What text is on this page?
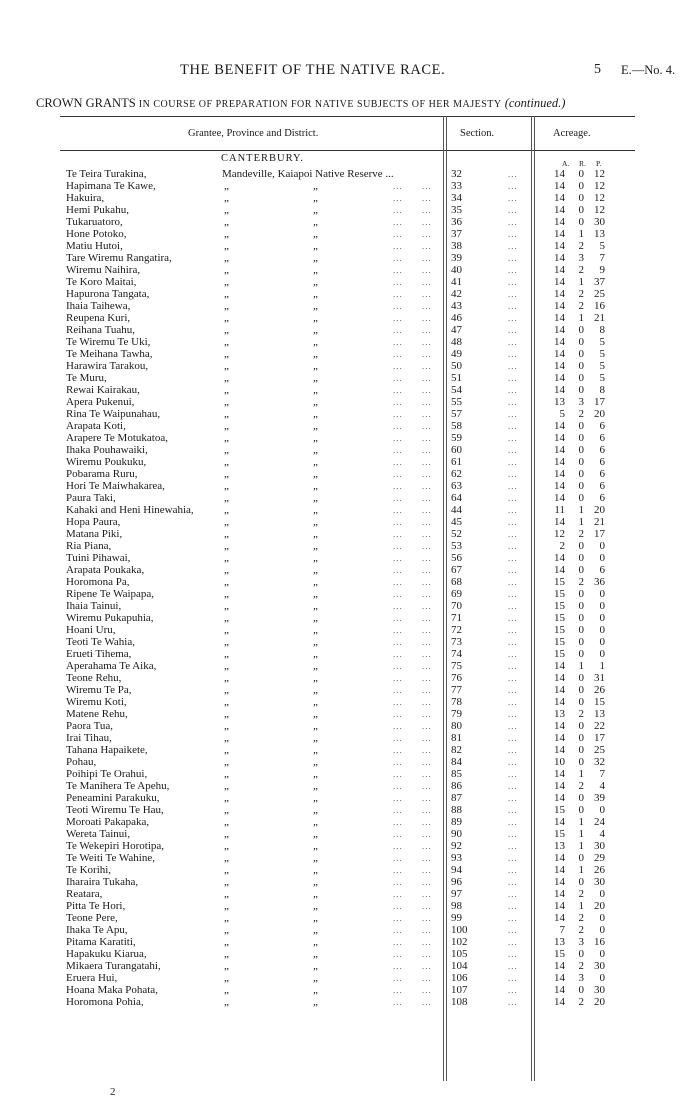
THE BENEFIT OF THE NATIVE RACE.	5 E.—No. 4.
CROWN GRANTS IN COURSE OF PREPARATION FOR NATIVE SUBJECTS OF HER MAJESTY (continued.)
Grantee, Province and District.	Section.	Acreage.
CANTERBURY.	A. R. P.
Te Teira Turakina,	Mandeville, Kaiapoi Native Reserve ...	32	...	14	0 12
Hapimana Te Kawe,	„	„	... ... 33	...	14	0 12
Hakuira,	„	„	... ... 34	...	14	0 12
Hemi Pukahu,	„	„	... ... 35	...	14	0 12
Tukaruatoro,	„	„	... ... 36	...	14	0 30
Hone Potoko,	„	„	... ... 37	...	14	1 13
Matiu Hutoi,	„	„	... ... 38	...	14	2	5
Tare Wiremu Rangatira,	„	„	... ... 39	...	14	3	7
Wiremu Naihira,	„	„	... ... 40	...	14	2	9
Te Koro Maitai,	„	„	... ... 41	...	14	1 37
Hapurona Tangata,	„	„	... ... 42	...	14	2 25
Ihaia Taihewa,	„	„	... ... 43	...	14	2 16
Reupena Kuri,	„	„	... ... 46	...	14	1 21
Reihana Tuahu,	„	„	... ... 47	...	14	0	8
Te Wiremu Te Uki,	„	„	... ... 48	...	14	0	5
Te Meihana Tawha,	„	„	... ... 49	...	14	0	5
Harawira Tarakou,	„	„	... ... 50	...	14	0	5
Te Muru,	„	„	... ... 51	...	14	0	5
Rewai Kairakau,	„	„	... ... 54	...	14	0	8
Apera Pukenui,	„	„	... ... 55	...	13	3 17
Rina Te Waipunahau,	„	„	... ... 57	...	5	2 20
Arapata Koti,	„	„	... ... 58	...	14	0	6
Arapere Te Motukatoa,	„	„	... ... 59	...	14	0	6
Ihaka Pouhawaiki,	„	„	... ... 60	...	14	0	6
Wiremu Poukuku,	„	„	... ... 61	...	14	0	6
Pobarama Ruru,	„	„	... ... 62	...	14	0	6
Hori Te Maiwhakarea,	„	„	... ... 63	...	14	0	6
Paura Taki,	„	„	... ... 64	...	14	0	6
Kahaki and Heni Hinewahia,	„	„	... ... 44	...	11	1 20
Hopa Paura,	„	„	... ... 45	...	14	1 21
Matana Piki,	„	„	... ... 52	...	12	2 17
Ria Piana,	„	„	... ... 53	...	2	0	0
Tuini Pihawai,	„	„	... ... 56	...	14	0	0
Arapata Poukaka,	„	„	... ... 67	...	14	0	6
Horomona Pa,	„	„	... ... 68	...	15	2 36
Ripene Te Waipapa,	„	„	... ... 69	...	15	0	0
Ihaia Tainui,	„	„	... ... 70	...	15	0	0
Wiremu Pukapuhia,	„	„	... ... 71	...	15	0	0
Hoani Uru,	„	„	... ... 72	...	15	0	0
Teoti Te Wahia,	„	„	... ... 73	...	15	0	0
Erueti Tihema,	„	„	... ... 74	...	15	0	0
Aperahama Te Aika,	„	„	... ... 75	...	14	1	1
Teone Rehu,	„	„	... ... 76	...	14	0 31
Wiremu Te Pa,	„	„	... ... 77	...	14	0 26
Wiremu Koti,	„	„	... ... 78	...	14	0 15
Matene Rehu,	„	„	... ... 79	...	13	2 13
Paora Tua,	„	„	... ... 80	...	14	0 22
Irai Tihau,	„	„	... ... 81	...	14	0 17
Tahana Hapaikete,	„	„	... ... 82	...	14	0 25
Pohau,	„	„	... ... 84	...	10	0 32
Poihipi Te Orahui,	„	„	... ... 85	...	14	1	7
Te Manihera Te Apehu,	„	„	... ... 86	...	14	2	4
Peneamini Parakuku,	„	„	... ... 87	...	14	0 39
Teoti Wiremu Te Hau,	„	„	... ... 88	...	15	0	0
Moroati Pakapaka,	„	„	... ... 89	...	14	1 24
Wereta Tainui,	„	„	... ... 90	...	15	1	4
Te Wekepiri Horotipa,	„	„	... ... 92	...	13	1 30
Te Weiti Te Wahine,	„	„	... ... 93	...	14	0 29
Te Korihi,	„	„	... ... 94	...	14	1 26
Iharaira Tukaha,	„	„	... ... 96	...	14	0 30
Reatara,	„	„	... ... 97	...	14	2	0
Pitta Te Hori,	„	„	... ... 98	...	14	1 20
Teone Pere,	„	„	... ... 99	...	14	2	0
Ihaka Te Apu,	„	„	... ... 100	...	7	2	0
Pitama Karatiti,	„	„	... ... 102	...	13	3 16
Hapakuku Kiarua,	„	„	... ... 105	...	15	0	0
Mikaera Turangatahi,	„	„	... ... 104	...	14	2 30
Eruera Hui,	„	„	... ... 106	...	14	3	0
Hoana Maka Pohata,	„	„	... ... 107	...	14	0 30
Horomona Pohia,	„	„	... ... 108	...	14	2 20
2
